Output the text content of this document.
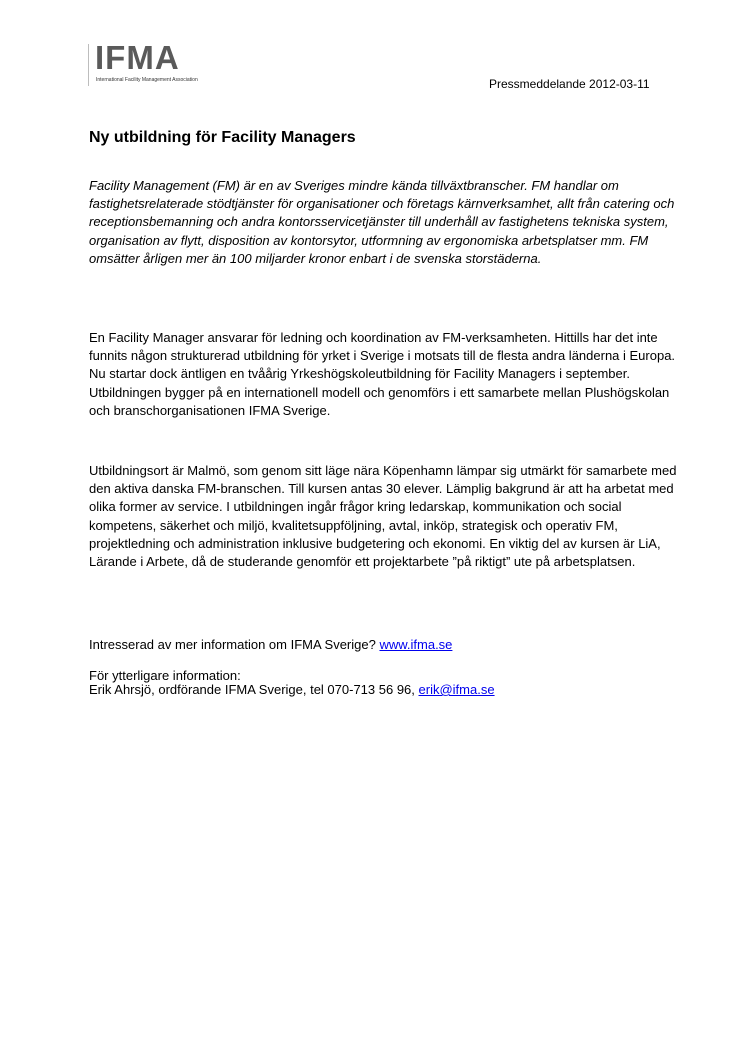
IFMA
International Facility Management Association	Pressmeddelande 2012-03-11
Ny utbildning för Facility Managers

Facility Management (FM) är en av Sveriges mindre kända tillväxtbranscher. FM handlar om fastighetsrelaterade stödtjänster för organisationer och företags kärnverksamhet, allt från catering och receptionsbemanning och andra kontorsservicetjänster till underhåll av fastighetens tekniska system, organisation av flytt, disposition av kontorsytor, utformning av ergonomiska arbetsplatser mm. FM omsätter årligen mer än 100 miljarder kronor enbart i de svenska storstäderna.

En Facility Manager ansvarar för ledning och koordination av FM-verksamheten. Hittills har det inte funnits någon strukturerad utbildning för yrket i Sverige i motsats till de flesta andra länderna i Europa. Nu startar dock äntligen en tvåårig Yrkeshögskoleutbildning för Facility Managers i september. Utbildningen bygger på en internationell modell och genomförs i ett samarbete mellan Plushögskolan och branschorganisationen IFMA Sverige.

Utbildningsort är Malmö, som genom sitt läge nära Köpenhamn lämpar sig utmärkt för samarbete med den aktiva danska FM-branschen. Till kursen antas 30 elever. Lämplig bakgrund är att ha arbetat med olika former av service. I utbildningen ingår frågor kring ledarskap, kommunikation och social kompetens, säkerhet och miljö, kvalitetsuppföljning, avtal, inköp, strategisk och operativ FM, projektledning och administration inklusive budgetering och ekonomi. En viktig del av kursen är LiA, Lärande i Arbete, då de studerande genomför ett projektarbete ”på riktigt” ute på arbetsplatsen.

Intresserad av mer information om IFMA Sverige? www.ifma.se
För ytterligare information:
Erik Ahrsjö, ordförande IFMA Sverige, tel 070-713 56 96, erik@ifma.se
